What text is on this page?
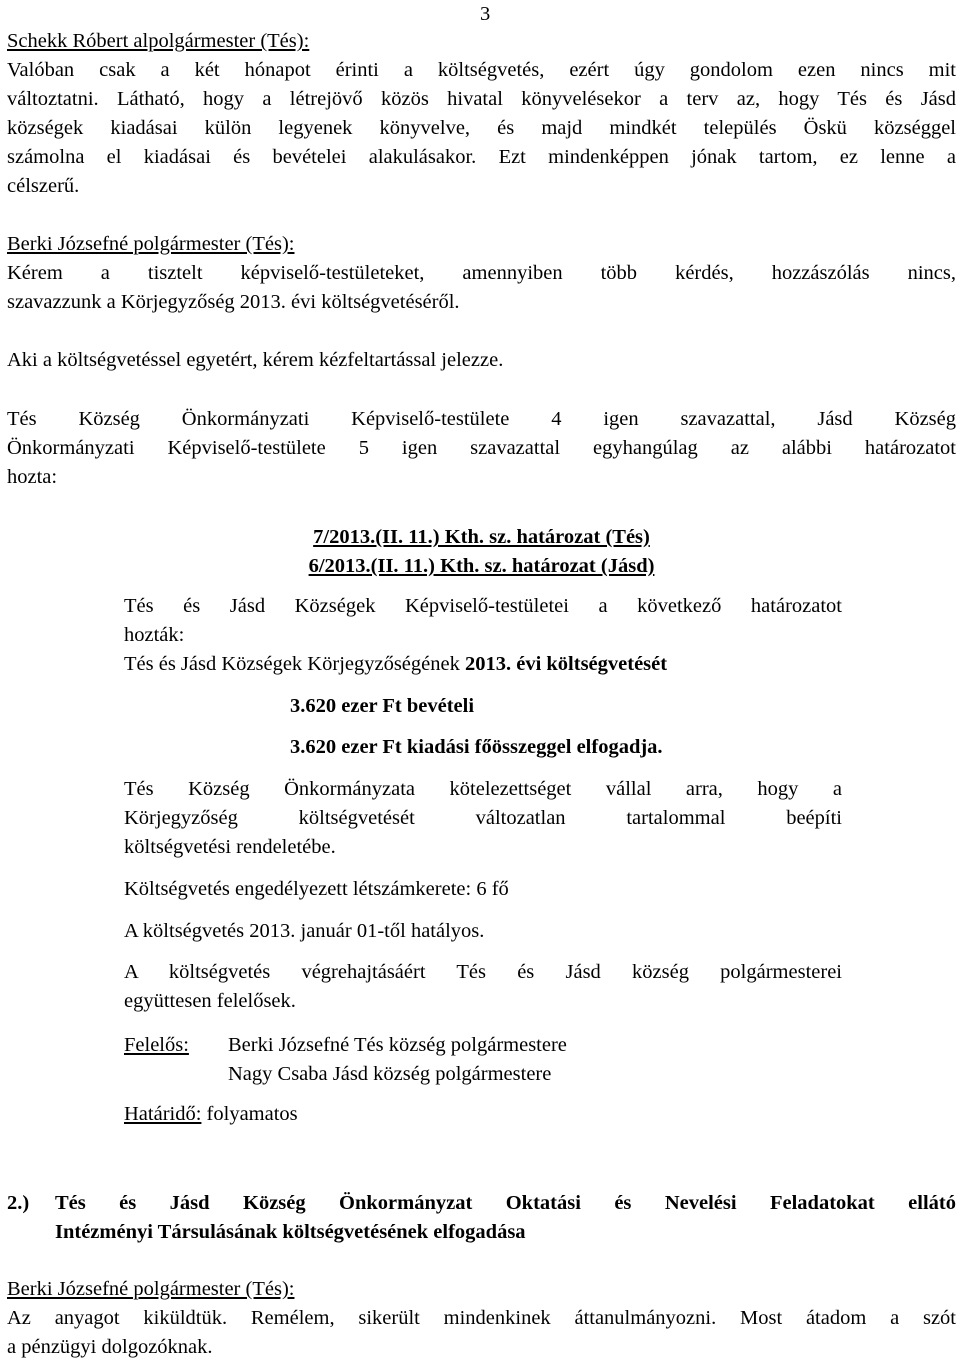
3
Schekk Róbert alpolgármester (Tés):
Valóban csak a két hónapot érinti a költségvetés, ezért úgy gondolom ezen nincs mit
változtatni. Látható, hogy a létrejövő közös hivatal könyvelésekor a terv az, hogy Tés és Jásd
községek kiadásai külön legyenek könyvelve, és majd mindkét település Öskü községgel
számolna el kiadásai és bevételei alakulásakor. Ezt mindenképpen jónak tartom, ez lenne a
célszerű.
Berki Józsefné polgármester (Tés):
Kérem a tisztelt képviselő-testületeket, amennyiben több kérdés, hozzászólás nincs,
szavazzunk a Körjegyzőség 2013. évi költségvetéséről.
Aki a költségvetéssel egyetért, kérem kézfeltartással jelezze.
Tés Község Önkormányzati Képviselő-testülete 4 igen szavazattal, Jásd Község
Önkormányzati Képviselő-testülete 5 igen szavazattal egyhangúlag az alábbi határozatot
hozta:
7/2013.(II. 11.) Kth. sz. határozat (Tés)
6/2013.(II. 11.) Kth. sz. határozat (Jásd)
Tés és Jásd Községek Képviselő-testületei a következő határozatot
hozták:
Tés és Jásd Községek Körjegyzőségének 2013. évi költségvetését
3.620 ezer Ft bevételi
3.620 ezer Ft kiadási főösszeggel elfogadja.
Tés Község Önkormányzata kötelezettséget vállal arra, hogy a
Körjegyzőség költségvetését változatlan tartalommal beépíti
költségvetési rendeletébe.
Költségvetés engedélyezett létszámkerete: 6 fő
A költségvetés 2013. január 01-től hatályos.
A költségvetés végrehajtásáért Tés és Jásd község polgármesterei
együttesen felelősek.
Felelős:	Berki Józsefné Tés község polgármestere
Nagy Csaba Jásd község polgármestere
Határidő: folyamatos
2.) Tés és Jásd Község Önkormányzat Oktatási és Nevelési Feladatokat ellátó
Intézményi Társulásának költségvetésének elfogadása
Berki Józsefné polgármester (Tés):
Az anyagot kiküldtük. Remélem, sikerült mindenkinek áttanulmányozni. Most átadom a szót
a pénzügyi dolgozóknak.
